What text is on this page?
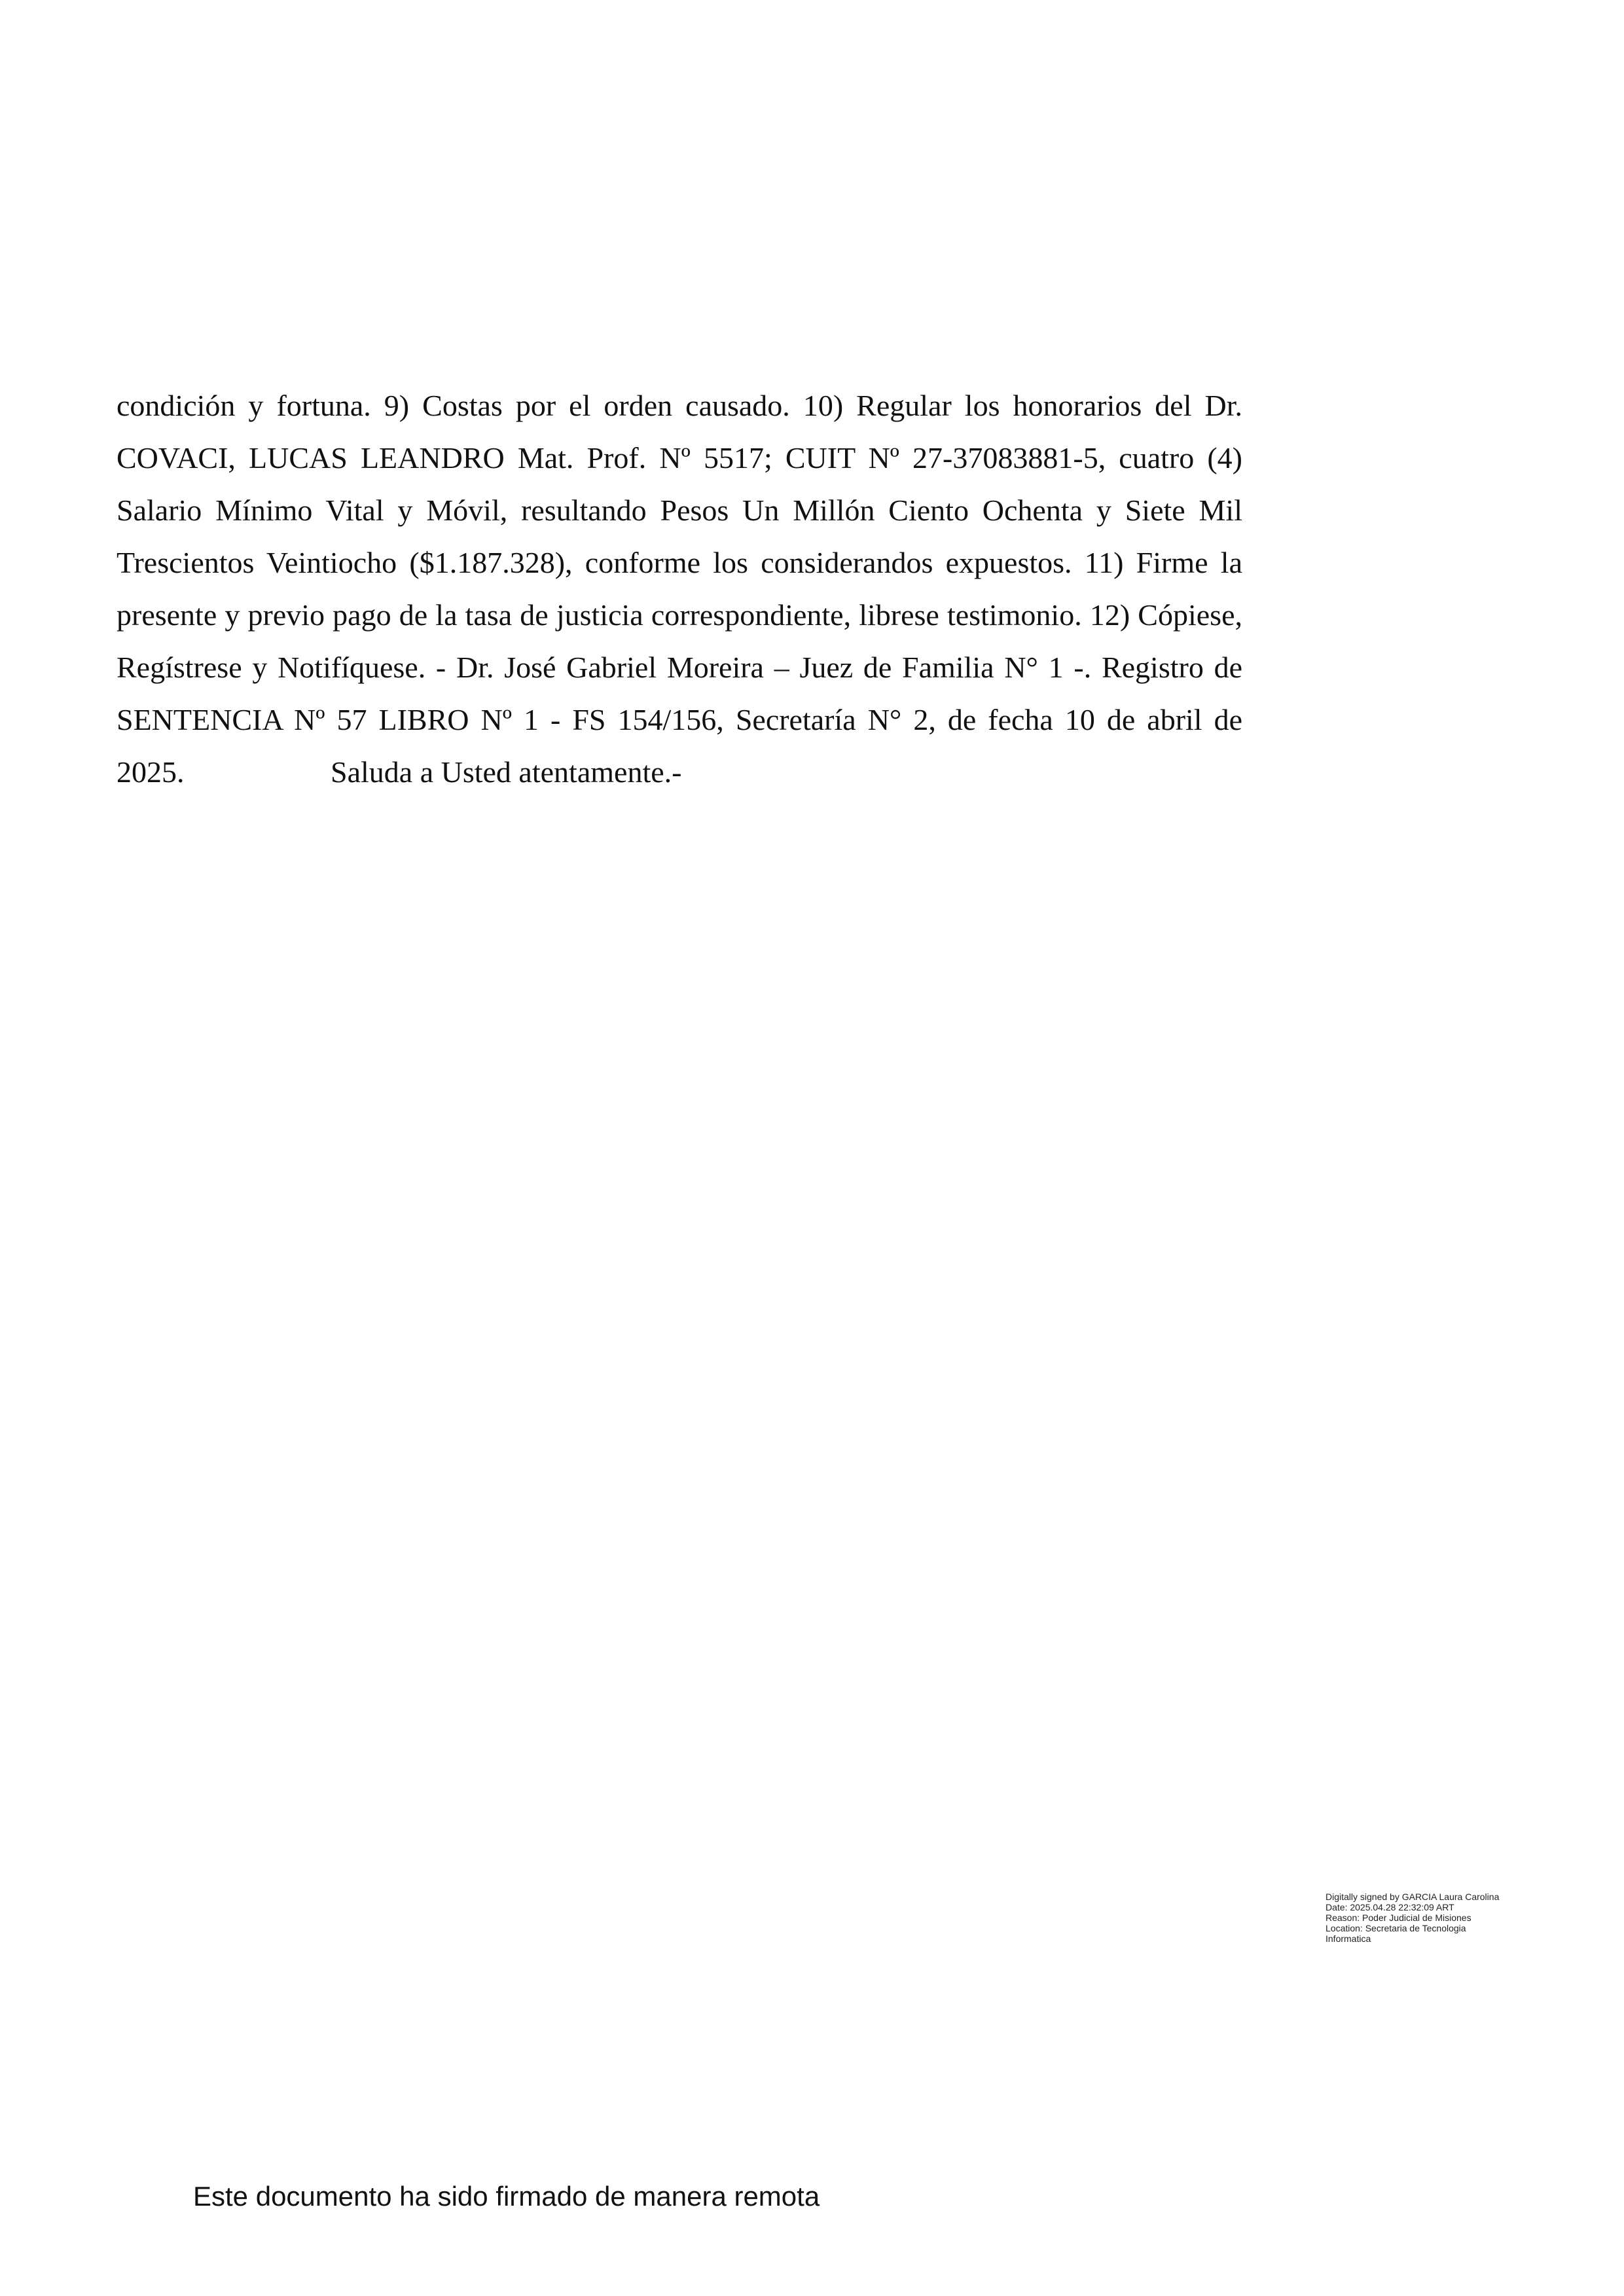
condición y fortuna. 9) Costas por el orden causado. 10) Regular los honorarios del Dr.
COVACI, LUCAS LEANDRO Mat. Prof. Nº 5517; CUIT Nº 27-37083881-5, cuatro (4)
Salario Mínimo Vital y Móvil, resultando Pesos Un Millón Ciento Ochenta y Siete Mil
Trescientos Veintiocho ($1.187.328), conforme los considerandos expuestos. 11) Firme la
presente y previo pago de la tasa de justicia correspondiente, librese testimonio. 12) Cópiese,
Regístrese y Notifíquese. - Dr. José Gabriel Moreira – Juez de Familia N° 1 -. Registro de
SENTENCIA Nº 57 LIBRO Nº 1 - FS 154/156, Secretaría N° 2, de fecha 10 de abril de 2025.	Saluda a Usted atentamente.-

Digitally signed by GARCIA Laura Carolina
Date: 2025.04.28 22:32:09 ART
Reason: Poder Judicial de Misiones
Location: Secretaria de Tecnologia
Informatica

Este documento ha sido firmado de manera remota
